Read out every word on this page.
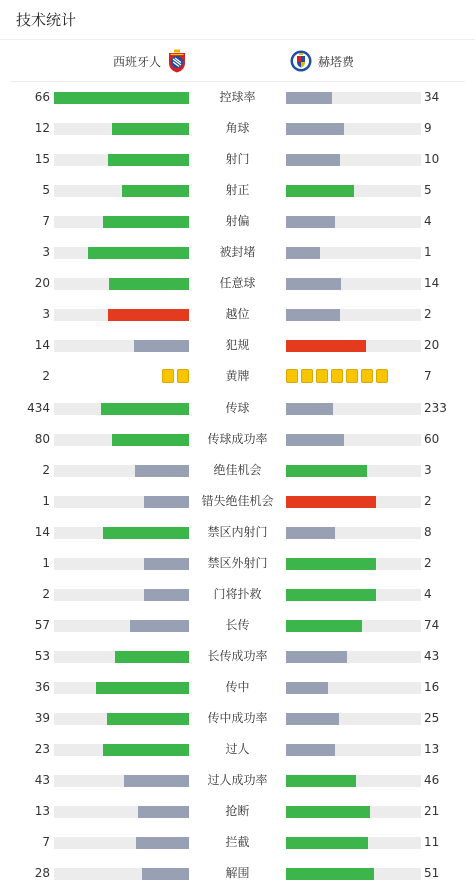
技术统计
西班牙人	赫塔费
66	控球率	34
12	角球	9
15	射门	10
5	射正	5
7	射偏	4
3	被封堵	1
20	任意球	14
3	越位	2
14	犯规	20
2	黄牌	7
434	传球	233
80	传球成功率	60
2	绝佳机会	3
1	错失绝佳机会	2
14	禁区内射门	8
1	禁区外射门	2
2	门将扑救	4
57	长传	74
53	长传成功率	43
36	传中	16
39	传中成功率	25
23	过人	13
43	过人成功率	46
13	抢断	21
7	拦截	11
28	解围	51
